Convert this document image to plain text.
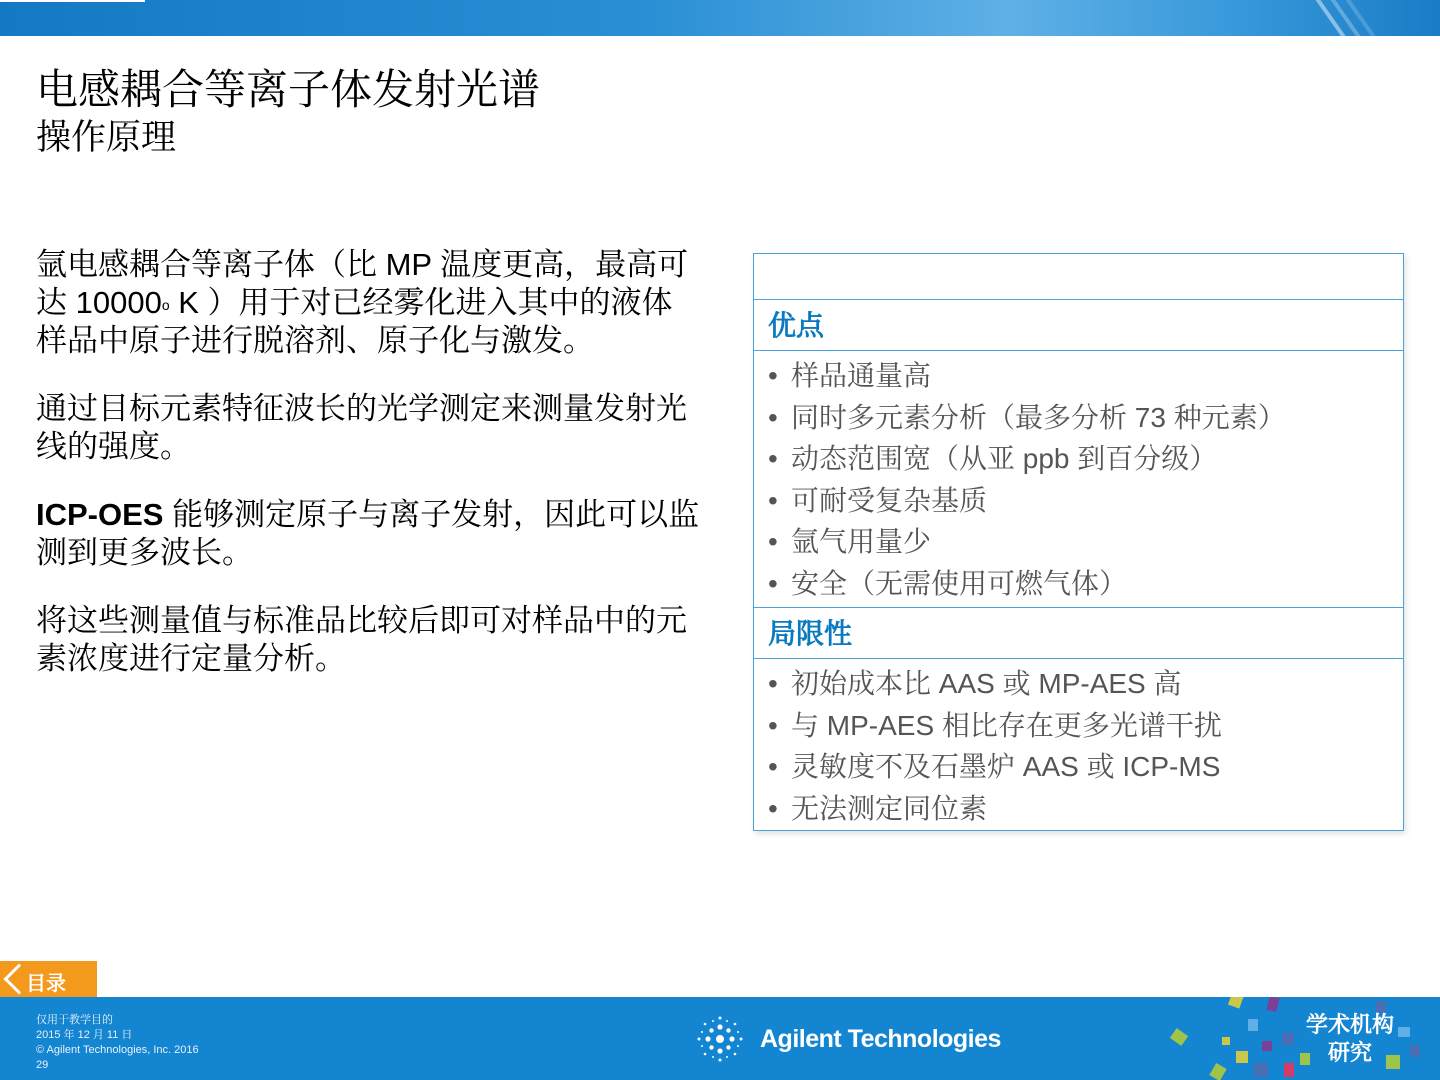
电感耦合等离子体发射光谱
操作原理

氩电感耦合等离子体（比 MP 温度更高，最高可达 10000$^o$ K ）用于对已经雾化进入其中的液体样品中原子进行脱溶剂、原子化与激发。

通过目标元素特征波长的光学测定来测量发射光线的强度。

ICP-OES 能够测定原子与离子发射，因此可以监测到更多波长。

将这些测量值与标准品比较后即可对样品中的元素浓度进行定量分析。

优点
• 样品通量高
• 同时多元素分析（最多分析 73 种元素）
• 动态范围宽（从亚 ppb 到百分级）
• 可耐受复杂基质
• 氩气用量少
• 安全（无需使用可燃气体）
局限性
• 初始成本比 AAS 或 MP-AES 高
• 与 MP-AES 相比存在更多光谱干扰
• 灵敏度不及石墨炉 AAS 或 ICP-MS
• 无法测定同位素
目录
仅用于教学目的
2015 年 12 月 11 日
© Agilent Technologies, Inc. 2016
29
Agilent Technologies	学术机构
研究
